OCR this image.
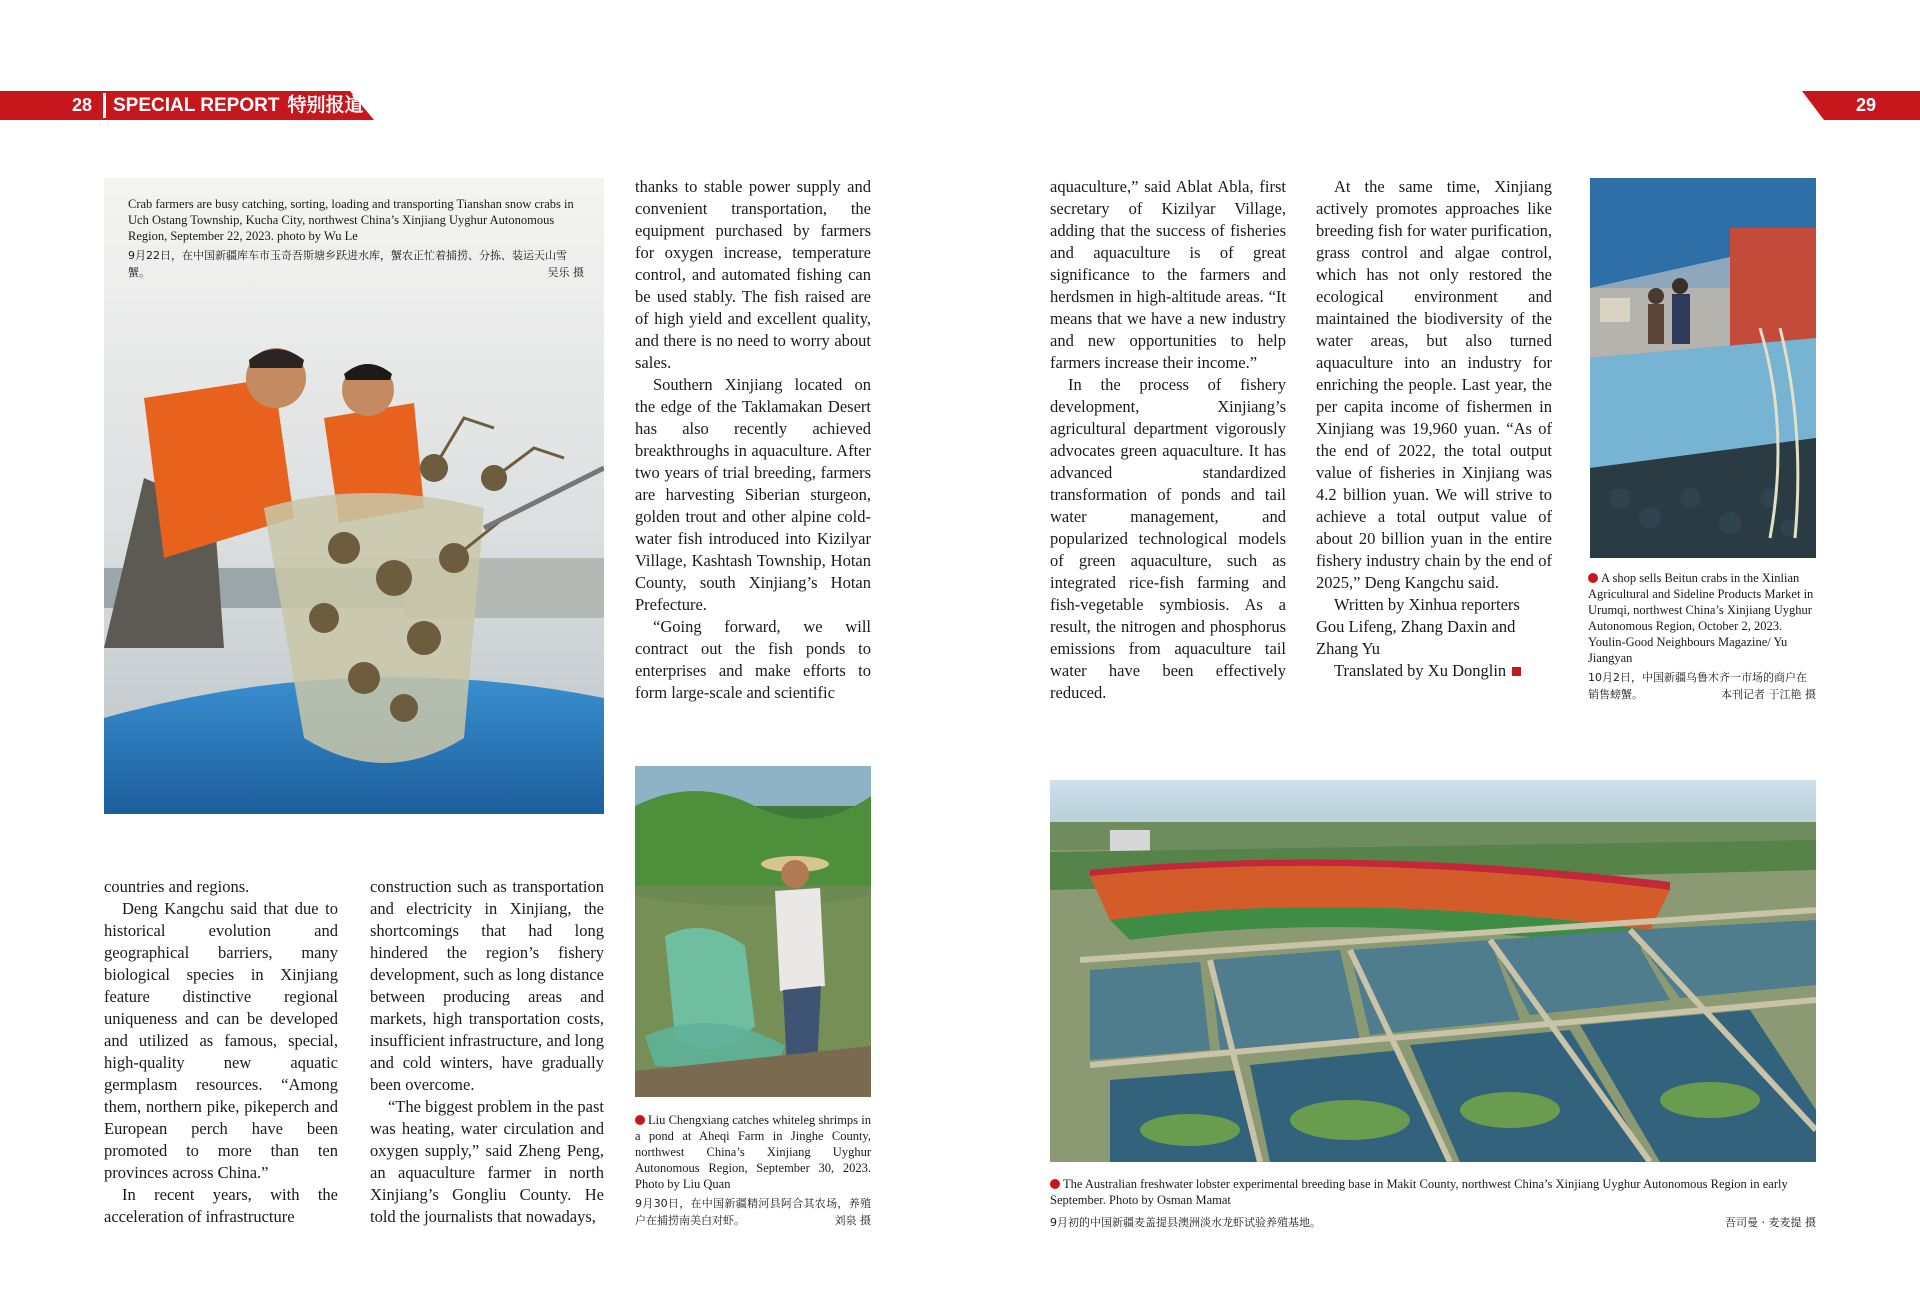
28	SPECIAL REPORT 特别报道	29
Crab farmers are busy catching, sorting, loading and transporting Tianshan snow crabs in Uch Ostang Township, Kucha City, northwest China’s Xinjiang Uyghur Autonomous Region, September 22, 2023. photo by Wu Le
9月22日，在中国新疆库车市玉奇吾斯塘乡跃进水库，蟹农正忙着捕捞、分拣、装运天山雪蟹。	吴乐 摄

countries and regions.

Deng Kangchu said that due to historical evolution and geographical barriers, many biological species in Xinjiang feature distinctive regional uniqueness and can be developed and utilized as famous, special, high-quality new aquatic germplasm resources. “Among them, northern pike, pikeperch and European perch have been promoted to more than ten provinces across China.”

In recent years, with the acceleration of infrastructure

construction such as transportation and electricity in Xinjiang, the shortcomings that had long hindered the region’s fishery development, such as long distance between producing areas and markets, high transportation costs, insufficient infrastructure, and long and cold winters, have gradually been overcome.

“The biggest problem in the past was heating, water circulation and oxygen supply,” said Zheng Peng, an aquaculture farmer in north Xinjiang’s Gongliu County. He told the journalists that nowadays,

thanks to stable power supply and convenient transportation, the equipment purchased by farmers for oxygen increase, temperature control, and automated fishing can be used stably. The fish raised are of high yield and excellent quality, and there is no need to worry about sales.

Southern Xinjiang located on the edge of the Taklamakan Desert has also recently achieved breakthroughs in aquaculture. After two years of trial breeding, farmers are harvesting Siberian sturgeon, golden trout and other alpine cold-water fish introduced into Kizilyar Village, Kashtash Township, Hotan County, south Xinjiang’s Hotan Prefecture.

“Going forward, we will contract out the fish ponds to enterprises and make efforts to form large-scale and scientific

Liu Chengxiang catches whiteleg shrimps in a pond at Aheqi Farm in Jinghe County, northwest China’s Xinjiang Uyghur Autonomous Region, September 30, 2023. Photo by Liu Quan
9月30日，在中国新疆精河县阿合其农场，养殖户在捕捞南美白对虾。	刘泉 摄

aquaculture,” said Ablat Abla, first secretary of Kizilyar Village, adding that the success of fisheries and aquaculture is of great significance to the farmers and herdsmen in high-altitude areas. “It means that we have a new industry and new opportunities to help farmers increase their income.”

In the process of fishery development, Xinjiang’s agricultural department vigorously advocates green aquaculture. It has advanced standardized transformation of ponds and tail water management, and popularized technological models of green aquaculture, such as integrated rice-fish farming and fish-vegetable symbiosis. As a result, the nitrogen and phosphorus emissions from aquaculture tail water have been effectively reduced.

At the same time, Xinjiang actively promotes approaches like breeding fish for water purification, grass control and algae control, which has not only restored the ecological environment and maintained the biodiversity of the water areas, but also turned aquaculture into an industry for enriching the people. Last year, the per capita income of fishermen in Xinjiang was 19,960 yuan. “As of the end of 2022, the total output value of fisheries in Xinjiang was 4.2 billion yuan. We will strive to achieve a total output value of about 20 billion yuan in the entire fishery industry chain by the end of 2025,” Deng Kangchu said.

Written by Xinhua reporters Gou Lifeng, Zhang Daxin and Zhang Yu

Translated by Xu Donglin

A shop sells Beitun crabs in the Xinlian Agricultural and Sideline Products Market in Urumqi, northwest China’s Xinjiang Uyghur Autonomous Region, October 2, 2023. Youlin-Good Neighbours Magazine/ Yu Jiangyan
10月2日，中国新疆乌鲁木齐一市场的商户在销售螃蟹。	本刊记者 于江艳 摄
The Australian freshwater lobster experimental breeding base in Makit County, northwest China’s Xinjiang Uyghur Autonomous Region in early September. Photo by Osman Mamat
9月初的中国新疆麦盖提县澳洲淡水龙虾试验养殖基地。	吾司曼 · 麦麦提 摄
